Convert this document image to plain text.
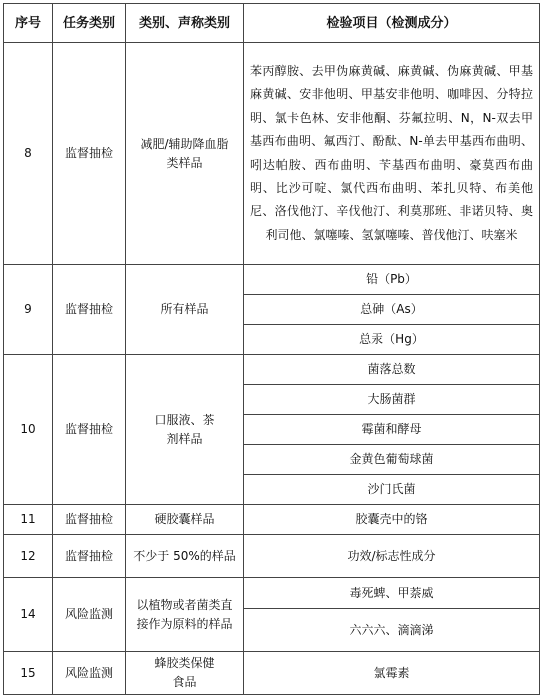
序号	任务类别	类别、声称类别	检验项目（检测成分）
8	监督抽检	减肥/辅助降血脂类样品	苯丙醇胺、去甲伪麻黄碱、麻黄碱、伪麻黄碱、甲基麻黄碱、安非他明、甲基安非他明、咖啡因、分特拉明、氯卡色林、安非他酮、芬氟拉明、N，N-双去甲基西布曲明、氟西汀、酚酞、N-单去甲基西布曲明、吲达帕胺、西布曲明、苄基西布曲明、豪莫西布曲明、比沙可啶、氯代西布曲明、苯扎贝特、布美他尼、洛伐他汀、辛伐他汀、利莫那班、非诺贝特、奥利司他、氯噻嗪、氢氯噻嗪、普伐他汀、呋塞米
9	监督抽检	所有样品	铅（Pb）
			总砷（As）
			总汞（Hg）
10	监督抽检	口服液、茶剂样品	菌落总数
			大肠菌群
			霉菌和酵母
			金黄色葡萄球菌
			沙门氏菌
11	监督抽检	硬胶囊样品	胶囊壳中的铬
12	监督抽检	不少于 50%的样品	功效/标志性成分
14	风险监测	以植物或者菌类直接作为原料的样品	毒死蜱、甲萘威
			六六六、滴滴涕
15	风险监测	蜂胶类保健食品	氯霉素
